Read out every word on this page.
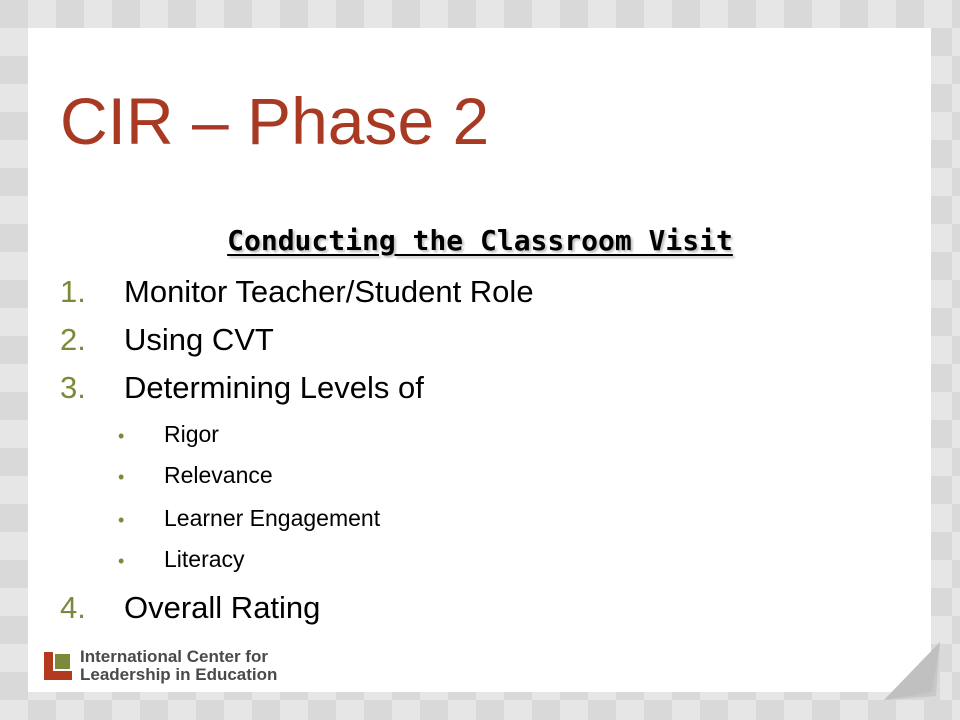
CIR – Phase 2
Conducting the Classroom Visit
1. Monitor Teacher/Student Role
2. Using CVT
3. Determining Levels of
• Rigor
• Relevance
• Learner Engagement
• Literacy
4. Overall Rating
International Center for
Leadership in Education
